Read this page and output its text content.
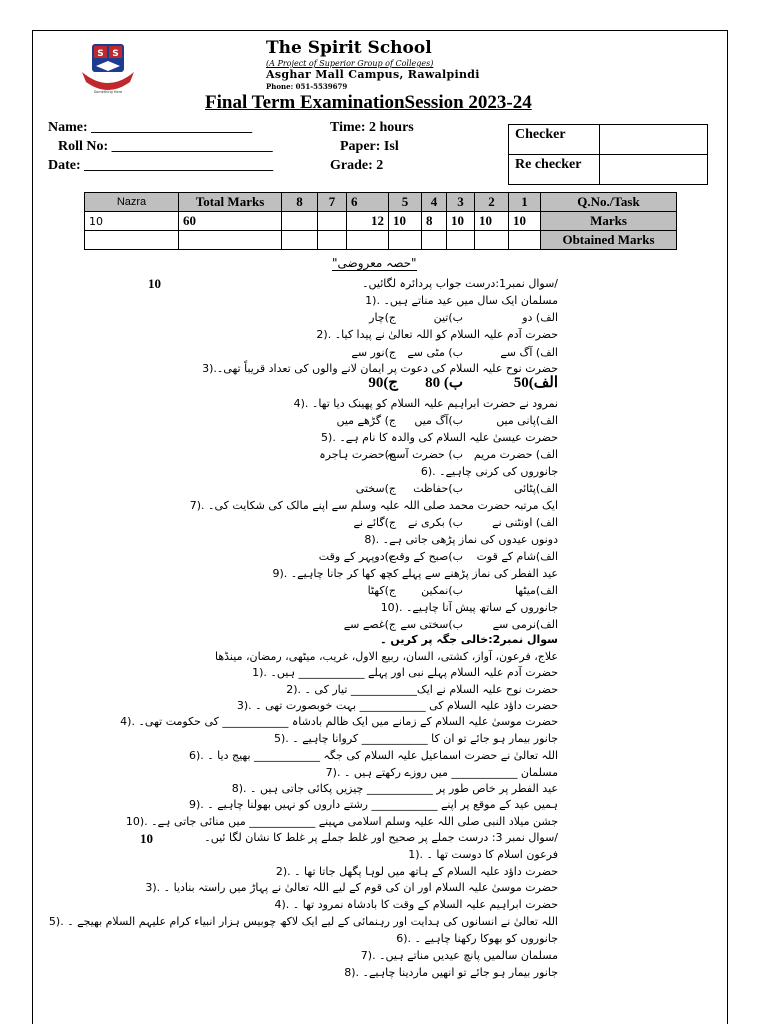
S S
Something Here
The Spirit School
(A Project of Superior Group of Colleges)
Asghar Mall Campus, Rawalpindi
Phone: 051-5539679
Final Term ExaminationSession 2023-24
Name: _______________________
Roll No: _______________________
Date: ___________________________
Time: 2 hours
Paper: Isl
Grade: 2
Checker	
Re checker	
Nazra	Total Marks	8	7	6	5	4	3	2	1	Q.No./Task
10	60			12	10	8	10	10	10	Marks
										Obtained Marks
"حصہ معروضی"
10
10
/سوال نمبر1:درست جواب پردائرہ لگائیں۔
مسلمان ایک سال میں عید مناتے ہیں۔ .(1
الف) دو
ب)تین
ج)چار
حضرت آدم علیہ السلام کو اللہ تعالیٰ نے پیدا کیا۔ .(2
الف) آگ سے
ب) مٹی سے
ج)نور سے
حضرت نوح علیہ السلام کی دعوت پر ایمان لانے والوں کی تعداد قریباً تھی۔.(3
الف)50
ب) 80
ج)90
نمرود نے حضرت ابراہیم علیہ السلام کو پھینک دیا تھا۔ .(4
الف)پانی میں
ب)آگ میں
ج) گڑھے میں
حضرت عیسیٰ علیہ السلام کی والدہ کا نام ہے۔ .(5
الف) حضرت مریم
ب) حضرت آسیہ
ج)حضرت ہاجرہ
جانوروں کی کرنی چاہیے۔ .(6
الف)پٹائی
ب)حفاظت
ج)سختی
ایک مرتبہ حضرت محمد صلی اللہ علیہ وسلم سے اپنے مالک کی شکایت کی۔ .(7
الف) اونٹنی نے
ب) بکری نے
ج)گائے نے
دونوں عیدوں کی نماز پڑھی جاتی ہے۔ .(8
الف)شام کے قوت
ب)صبح کے وقت
ج)دوپہر کے وقت
عید الفطر کی نماز پڑھنے سے پہلے کچھ کھا کر جانا چاہیے۔ .(9
الف)میٹھا
ب)نمکین
ج)کھٹا
جانوروں کے ساتھ پیش آنا چاہیے۔ .(10
الف)نرمی سے
ب)سختی سے
ج)غصے سے
سوال نمبر2:خالی جگہ پر کریں ۔
علاج، فرعون، آواز، کشتی، السان، ربیع الاول، غریب، میٹھی، رمضان، مینڈھا
حضرت آدم علیہ السلام پہلے نبی اور پہلے ____________ ہیں۔ .(1
حضرت نوح علیہ السلام نے ایک____________ تیار کی ۔ .(2
حضرت داؤد علیہ السلام کی ____________ بہت خوبصورت تھی ۔ .(3
حضرت موسیٰ علیہ السلام کے زمانے میں ایک ظالم بادشاہ ____________ کی حکومت تھی۔ .(4
جانور بیمار ہو جائے تو ان کا ____________ کروانا چاہیے ۔ .(5
اللہ تعالیٰ نے حضرت اسماعیل علیہ السلام کی جگہ ____________ بھیج دیا ۔ .(6
مسلمان ____________ میں روزے رکھتے ہیں ۔ .(7
عید الفطر پر خاص طور پر ____________ چیزیں پکائی جاتی ہیں ۔ .(8
ہمیں عید کے موقع پر اپنے ____________ رشتے داروں کو نہیں بھولنا چاہیے ۔ .(9
جشن میلاد النبی صلی اللہ علیہ وسلم اسلامی مہینے ____________ میں منائی جاتی ہے۔ .(10
/سوال نمبر 3: درست جملے پر صحیح اور غلط جملے پر غلط کا نشان لگا ئیں۔
فرعون اسلام کا دوست تھا ۔ .(1
حضرت داؤد علیہ السلام کے ہاتھ میں لوہا پگھل جاتا تھا ۔ .(2
حضرت موسیٰ علیہ السلام اور ان کی قوم کے لیے اللہ تعالیٰ نے پہاڑ میں راستہ بنادیا ۔ .(3
حضرت ابراہیم علیہ السلام کے وقت کا بادشاہ نمرود تھا ۔ .(4
اللہ تعالیٰ نے انسانوں کی ہدایت اور رہنمائی کے لیے ایک لاکھ چوبیس ہزار انبیاء کرام علیہم السلام بھیجے ۔ .(5
جانوروں کو بھوکا رکھنا چاہیے ۔ .(6
مسلمان سالمیں پانچ عیدیں مناتے ہیں۔ .(7
جانور بیمار ہو جائے تو انھیں ماردینا چاہیے۔ .(8
